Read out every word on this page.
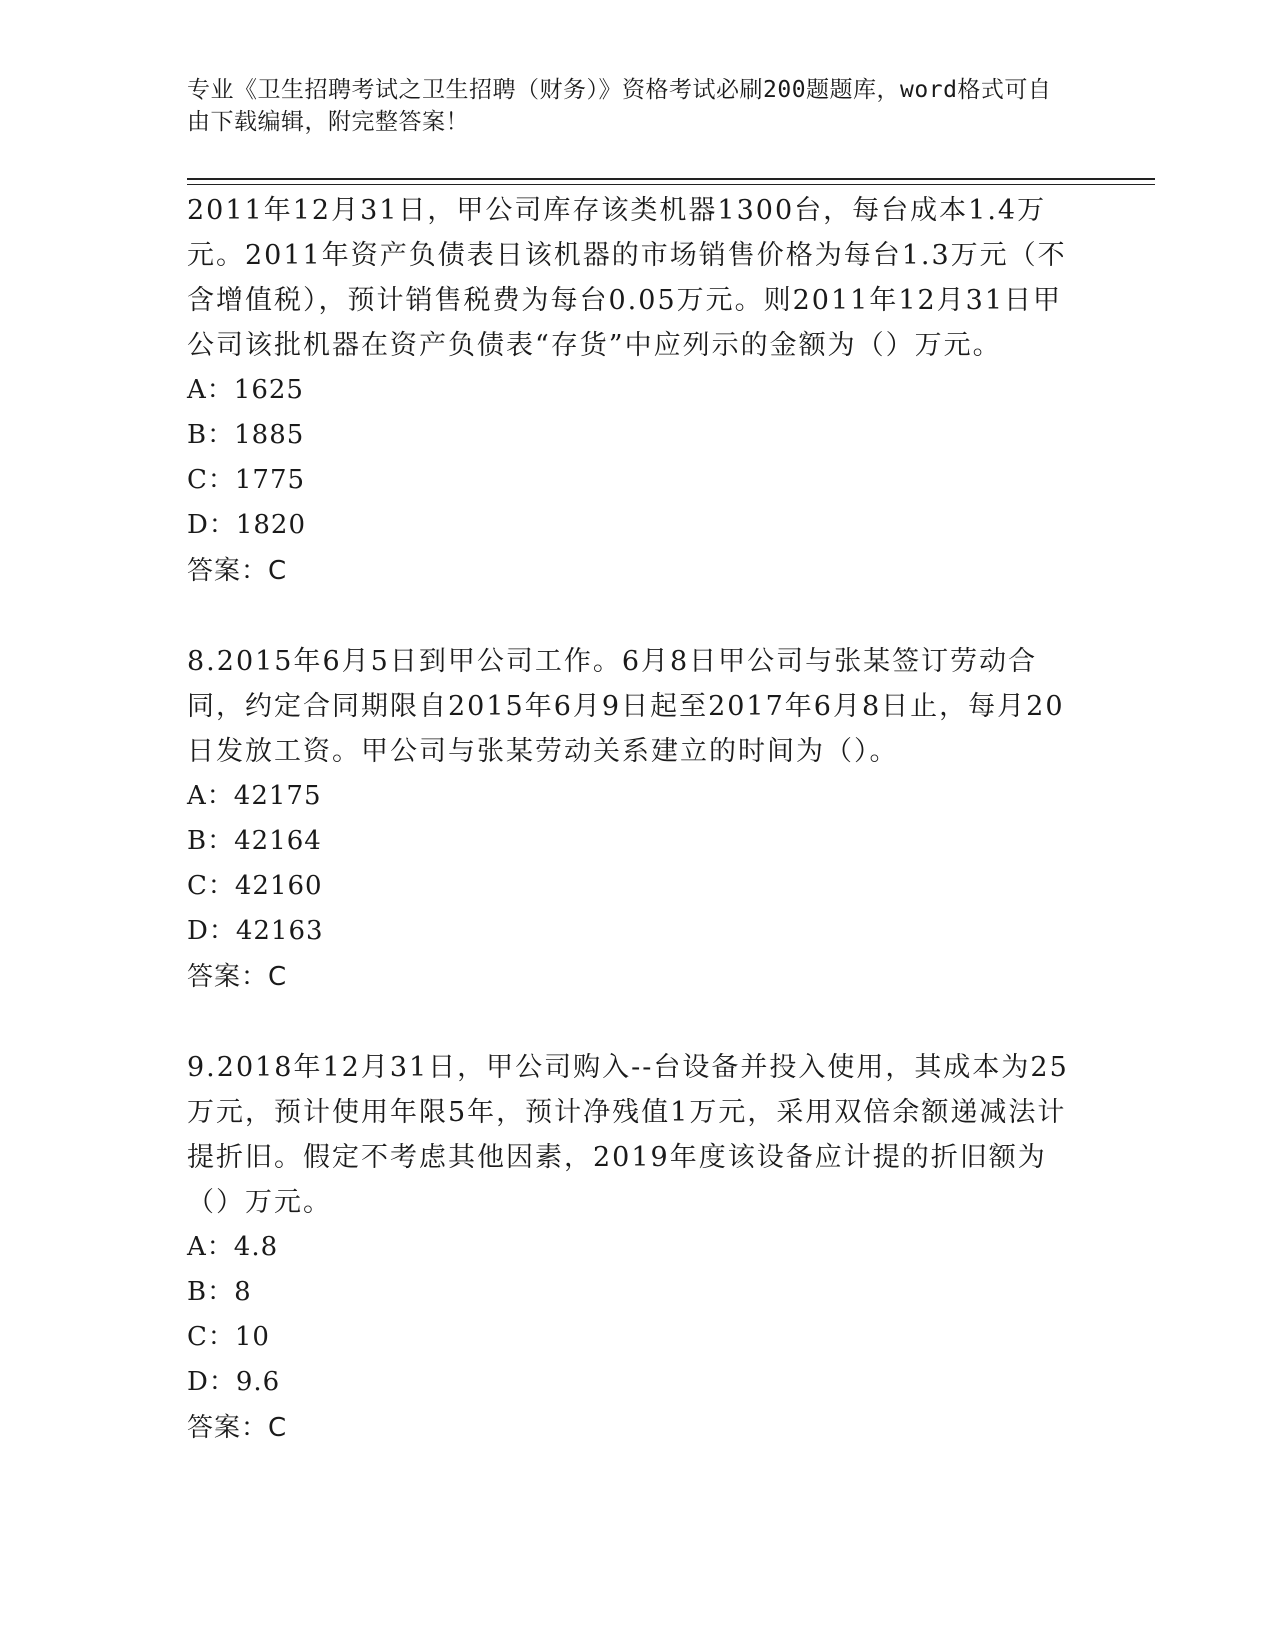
专业《卫生招聘考试之卫生招聘（财务）》资格考试必刷200题题库，word格式可自由下载编辑，附完整答案！

2011年12月31日，甲公司库存该类机器1300台，每台成本1.4万元。2011年资产负债表日该机器的市场销售价格为每台1.3万元（不含增值税），预计销售税费为每台0.05万元。则2011年12月31日甲公司该批机器在资产负债表“存货”中应列示的金额为（）万元。

A：1625

B：1885

C：1775

D：1820

答案：C

8.2015年6月5日到甲公司工作。6月8日甲公司与张某签订劳动合同，约定合同期限自2015年6月9日起至2017年6月8日止，每月20日发放工资。甲公司与张某劳动关系建立的时间为（）。

A：42175

B：42164

C：42160

D：42163

答案：C

9.2018年12月31日，甲公司购入--台设备并投入使用，其成本为25万元，预计使用年限5年，预计净残值1万元，采用双倍余额递减法计提折旧。假定不考虑其他因素，2019年度该设备应计提的折旧额为（）万元。

A：4.8

B：8

C：10

D：9.6

答案：C
